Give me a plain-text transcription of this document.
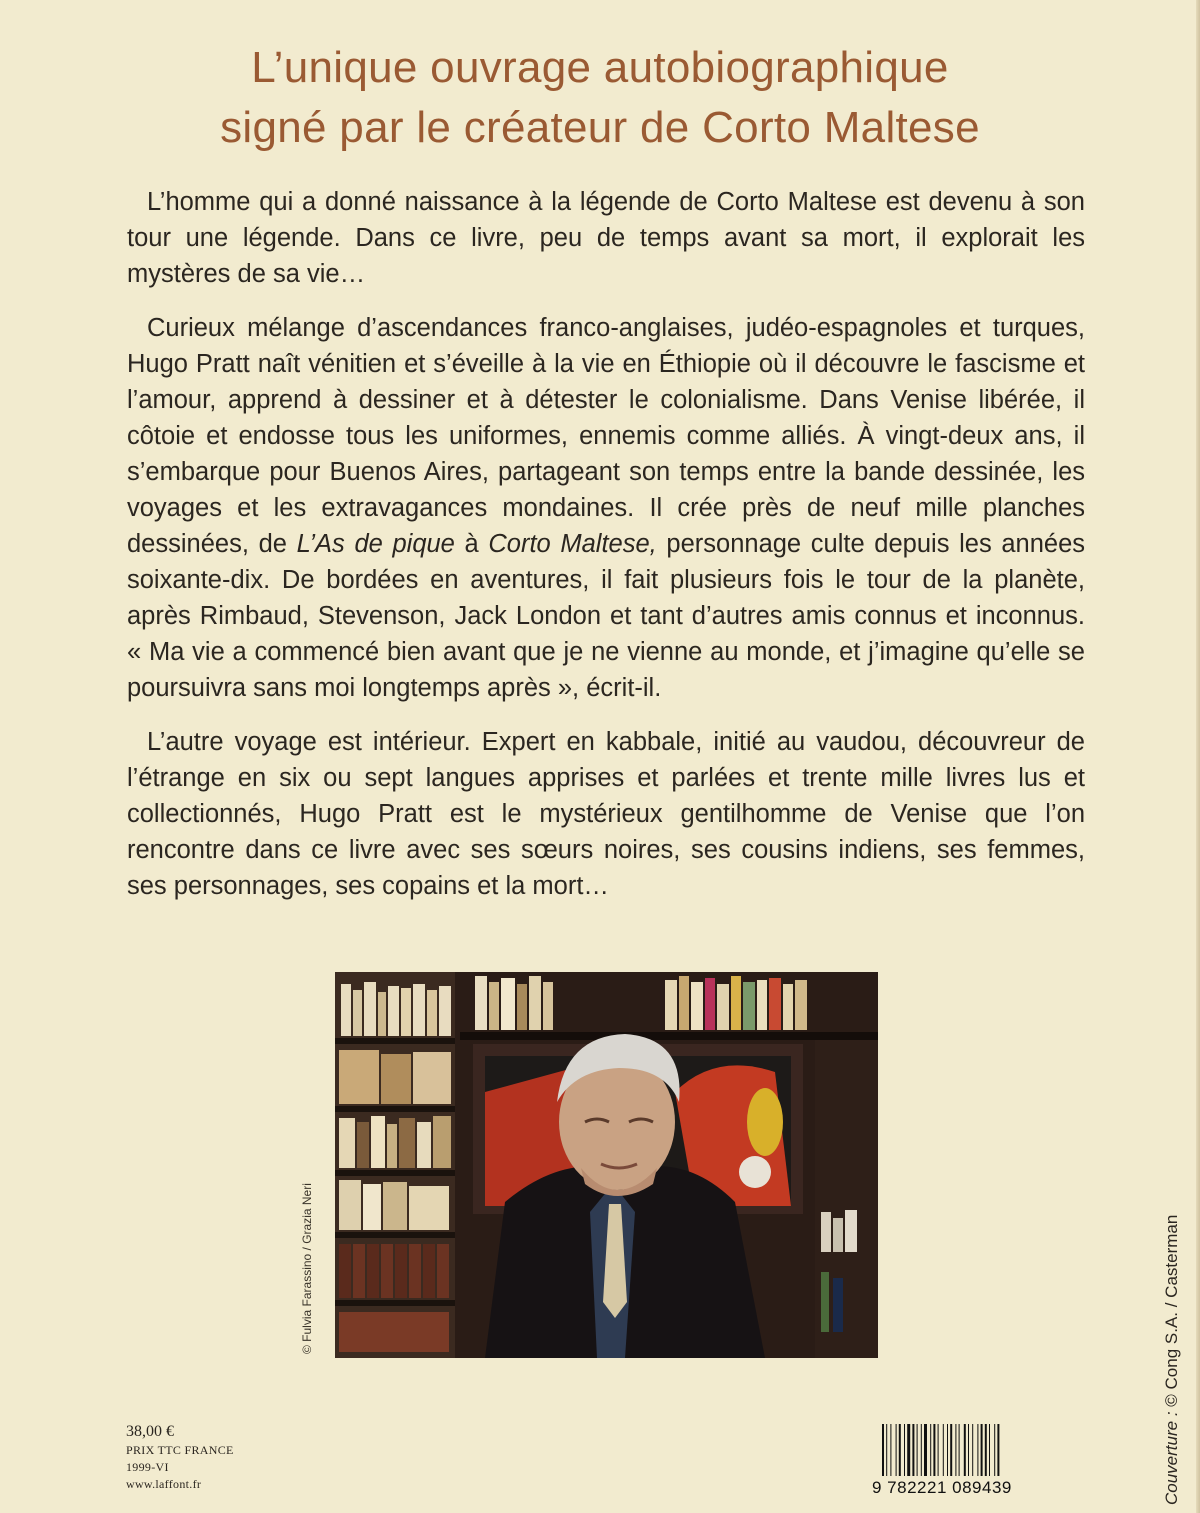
L’unique ouvrage autobiographique
signé par le créateur de Corto Maltese

L’homme qui a donné naissance à la légende de Corto Maltese est devenu à son tour une légende. Dans ce livre, peu de temps avant sa mort, il explorait les mystères de sa vie…

Curieux mélange d’ascendances franco-anglaises, judéo-espagnoles et turques, Hugo Pratt naît vénitien et s’éveille à la vie en Éthiopie où il découvre le fascisme et l’amour, apprend à dessiner et à détester le colonialisme. Dans Venise libérée, il côtoie et endosse tous les uniformes, ennemis comme alliés. À vingt-deux ans, il s’embarque pour Buenos Aires, partageant son temps entre la bande dessinée, les voyages et les extravagances mondaines. Il crée près de neuf mille planches dessinées, de L’As de pique à Corto Maltese, personnage culte depuis les années soixante-dix. De bordées en aventures, il fait plusieurs fois le tour de la planète, après Rimbaud, Stevenson, Jack London et tant d’autres amis connus et inconnus. « Ma vie a commencé bien avant que je ne vienne au monde, et j’imagine qu’elle se poursuivra sans moi longtemps après », écrit-il.

L’autre voyage est intérieur. Expert en kabbale, initié au vaudou, découvreur de l’étrange en six ou sept langues apprises et parlées et trente mille livres lus et collectionnés, Hugo Pratt est le mystérieux gentilhomme de Venise que l’on rencontre dans ce livre avec ses sœurs noires, ses cousins indiens, ses femmes, ses personnages, ses copains et la mort…

© Fulvia Farassino / Grazia Neri
Couverture : © Cong S.A. / Casterman
38,00 €
PRIX TTC FRANCE
1999-VI
www.laffont.fr	9 782221 089439
